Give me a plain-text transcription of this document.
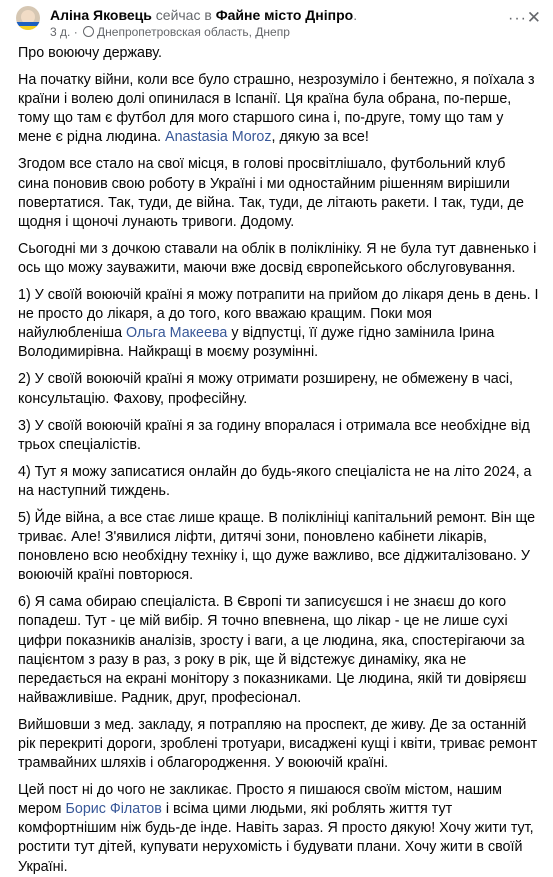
Аліна Яковець сейчас в Файне місто Дніпро.
3 д. · Днепропетровская область, Днепр
··· ✕

Про воюючу державу.

На початку війни, коли все було страшно, незрозуміло і бентежно, я поїхала з країни і волею долі опинилася в Іспанії. Ця країна була обрана, по-перше, тому що там є футбол для мого старшого сина і, по-друге, тому що там у мене є рідна людина. Anastasia Moroz, дякую за все!

Згодом все стало на свої місця, в голові просвітлішало, футбольний клуб сина поновив свою роботу в Україні і ми одностайним рішенням вирішили повертатися. Так, туди, де війна. Так, туди, де літають ракети. І так, туди, де щодня і щоночі лунають тривоги. Додому.

Сьогодні ми з дочкою ставали на облік в поліклініку. Я не була тут давненько і ось що можу зауважити, маючи вже досвід європейського обслуговування.

1) У своїй воюючій країні я можу потрапити на прийом до лікаря день в день. І не просто до лікаря, а до того, кого вважаю кращим. Поки моя найулюбленіша Ольга Макеева у відпустці, її дуже гідно замінила Ірина Володимирівна. Найкращі в моєму розумінні.

2) У своїй воюючій країні я можу отримати розширену, не обмежену в часі, консультацію. Фахову, професійну.

3) У своїй воюючій країні я за годину впоралася і отримала все необхідне від трьох спеціалістів.

4) Тут я можу записатися онлайн до будь-якого спеціаліста не на літо 2024, а на наступний тиждень.

5) Йде війна, а все стає лише краще. В поліклініці капітальний ремонт. Він ще триває. Але! З'явилися ліфти, дитячі зони, поновлено кабінети лікарів, поновлено всю необхідну техніку і, що дуже важливо, все діджиталізовано. У воюючій країні повторюся.

6) Я сама обираю спеціаліста. В Європі ти записуєшся і не знаєш до кого попадеш. Тут - це мій вибір. Я точно впевнена, що лікар - це не лише сухі цифри показників аналізів, зросту і ваги, а це людина, яка, спостерігаючи за пацієнтом з разу в раз, з року в рік, ще й відстежує динаміку, яка не передається на екрані монітору з показниками. Це людина, якій ти довіряєш найважливіше. Радник, друг, професіонал.

Вийшовши з мед. закладу, я потрапляю на проспект, де живу. Де за останній рік перекриті дороги, зроблені тротуари, висаджені кущі і квіти, триває ремонт трамвайних шляхів і облагородження. У воюючій країні.

Цей пост ні до чого не закликає. Просто я пишаюся своїм містом, нашим мером Борис Філатов і всіма цими людьми, які роблять життя тут комфортнішим ніж будь-де інде. Навіть зараз. Я просто дякую! Хочу жити тут, ростити тут дітей, купувати нерухомість і будувати плани. Хочу жити в своїй Україні.
